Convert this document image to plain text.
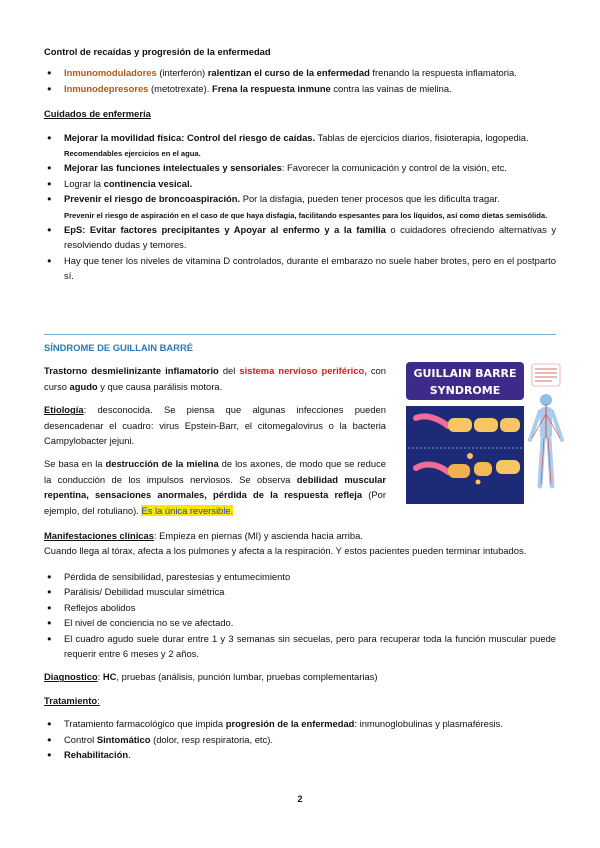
Control de recaídas y progresión de la enfermedad

● Inmunomoduladores (interferón) ralentizan el curso de la enfermedad frenando la respuesta inflamatoria.
● Inmunodepresores (metotrexate). Frena la respuesta inmune contra las vainas de mielina.

Cuidados de enfermería

● Mejorar la movilidad física: Control del riesgo de caídas. Tablas de ejercicios diarios, fisioterapia, logopedia.
Recomendables ejercicios en el agua.
● Mejorar las funciones intelectuales y sensoriales: Favorecer la comunicación y control de la visión, etc.
● Lograr la continencia vesical.
● Prevenir el riesgo de broncoaspiración. Por la disfagia, pueden tener procesos que les dificulta tragar.
Prevenir el riesgo de aspiración en el caso de que haya disfagia, facilitando espesantes para los líquidos, así como dietas semisólida.
● EpS: Evitar factores precipitantes y Apoyar al enfermo y a la familia o cuidadores ofreciendo alternativas y resolviendo dudas y temores.
● Hay que tener los niveles de vitamina D controlados, durante el embarazo no suele haber brotes, pero en el postparto sí.

SÍNDROME DE GUILLAIN BARRÉ

Trastorno desmielinizante inflamatorio del sistema nervioso periférico, con curso agudo y que causa parálisis motora.

Etiología: desconocida. Se piensa que algunas infecciones pueden desencadenar el cuadro: virus Epstein-Barr, el citomegalovirus o la bacteria Campylobacter jejuni.

Se basa en la destrucción de la mielina de los axones, de modo que se reduce la conducción de los impulsos nerviosos. Se observa debilidad muscular repentina, sensaciones anormales, pérdida de la respuesta refleja (Por ejemplo, del rotuliano). Es la única reversible.

Manifestaciones clínicas: Empieza en piernas (MI) y ascienda hacia arriba.
Cuando llega al tórax, afecta a los pulmones y afecta a la respiración. Y estos pacientes pueden terminar intubados.

● Pérdida de sensibilidad, parestesias y entumecimiento
● Parálisis/ Debilidad muscular simétrica
● Reflejos abolidos
● El nivel de conciencia no se ve afectado.
● El cuadro agudo suele durar entre 1 y 3 semanas sin secuelas, pero para recuperar toda la función muscular puede requerir entre 6 meses y 2 años.

Diagnostico: HC, pruebas (análisis, punción lumbar, pruebas complementarias)

Tratamiento:

● Tratamiento farmacológico que impida progresión de la enfermedad: inmunoglobulinas y plasmaféresis.
● Control Sintomático (dolor, resp respiratoria, etc).
● Rehabilitación.
GUILLAIN BARRE
SYNDROME
2
